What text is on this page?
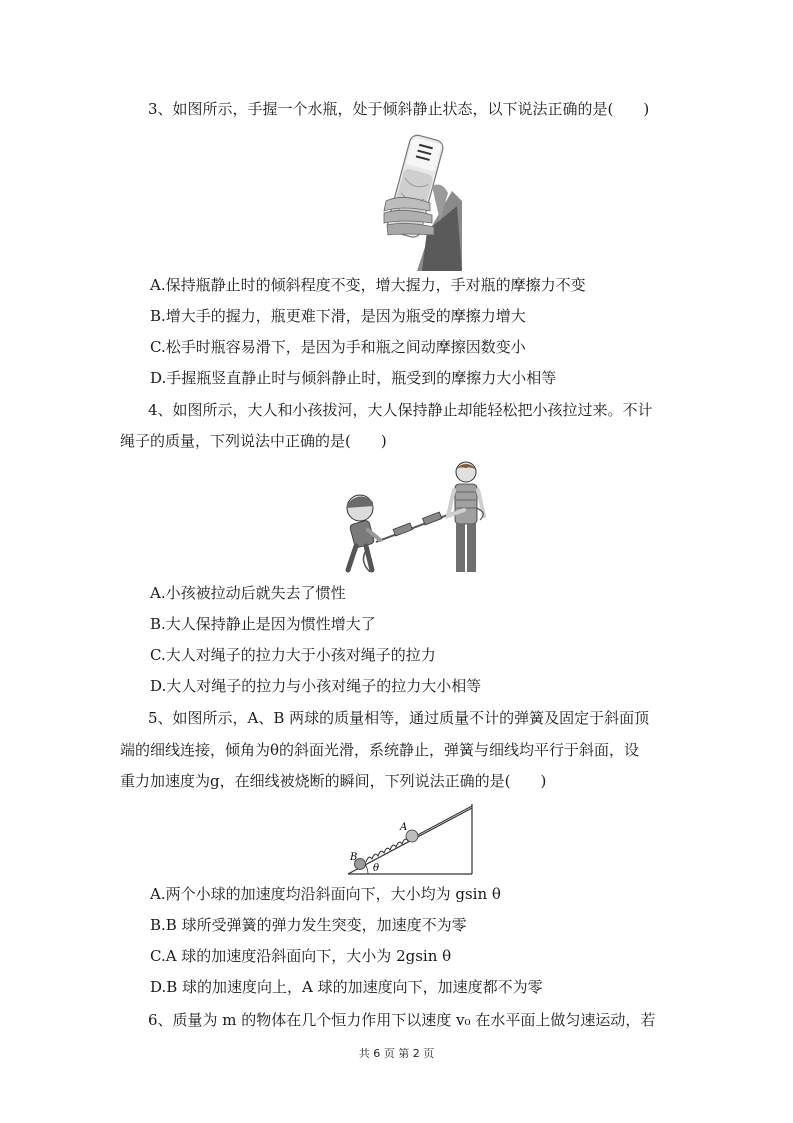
3、如图所示，手握一个水瓶，处于倾斜静止状态，以下说法正确的是(　　)
A.保持瓶静止时的倾斜程度不变，增大握力，手对瓶的摩擦力不变
B.增大手的握力，瓶更难下滑，是因为瓶受的摩擦力增大
C.松手时瓶容易滑下，是因为手和瓶之间动摩擦因数变小
D.手握瓶竖直静止时与倾斜静止时，瓶受到的摩擦力大小相等
4、如图所示，大人和小孩拔河，大人保持静止却能轻松把小孩拉过来。不计
绳子的质量，下列说法中正确的是(　　)
A.小孩被拉动后就失去了惯性
B.大人保持静止是因为惯性增大了
C.大人对绳子的拉力大于小孩对绳子的拉力
D.大人对绳子的拉力与小孩对绳子的拉力大小相等
5、如图所示，A、B 两球的质量相等，通过质量不计的弹簧及固定于斜面顶
端的细线连接，倾角为θ的斜面光滑，系统静止，弹簧与细线均平行于斜面，设
重力加速度为g，在细线被烧断的瞬间，下列说法正确的是(　　)
θ
B
A
A.两个小球的加速度均沿斜面向下，大小均为 gsin θ
B.B 球所受弹簧的弹力发生突变，加速度不为零
C.A 球的加速度沿斜面向下，大小为 2gsin θ
D.B 球的加速度向上，A 球的加速度向下，加速度都不为零
6、质量为 m 的物体在几个恒力作用下以速度 v₀ 在水平面上做匀速运动，若
共 6 页 第 2 页
